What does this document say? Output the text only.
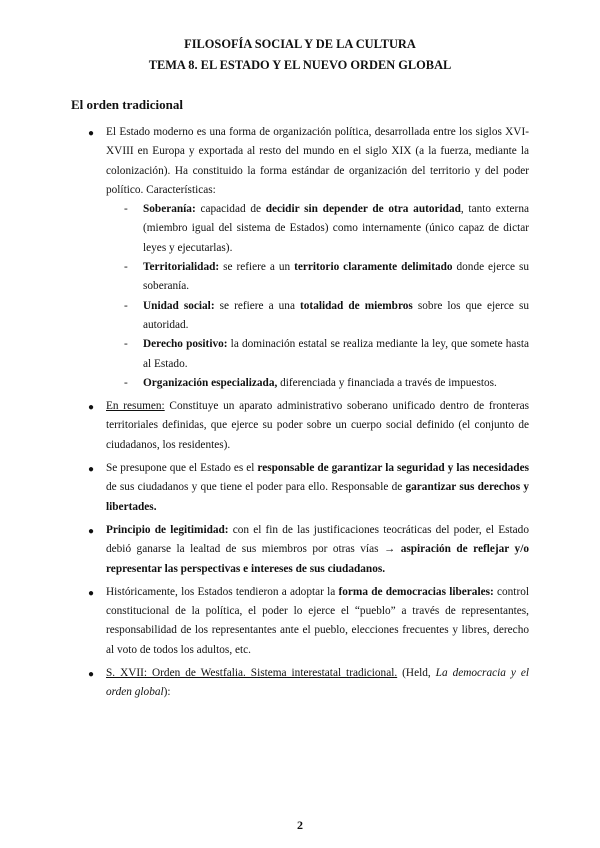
FILOSOFÍA SOCIAL Y DE LA CULTURA
TEMA 8. EL ESTADO Y EL NUEVO ORDEN GLOBAL
El orden tradicional
● El Estado moderno es una forma de organización política, desarrollada entre los siglos XVI-XVIII en Europa y exportada al resto del mundo en el siglo XIX (a la fuerza, mediante la colonización). Ha constituido la forma estándar de organización del territorio y del poder político. Características:
- Soberanía: capacidad de decidir sin depender de otra autoridad, tanto externa (miembro igual del sistema de Estados) como internamente (único capaz de dictar leyes y ejecutarlas).
- Territorialidad: se refiere a un territorio claramente delimitado donde ejerce su soberanía.
- Unidad social: se refiere a una totalidad de miembros sobre los que ejerce su autoridad.
- Derecho positivo: la dominación estatal se realiza mediante la ley, que somete hasta al Estado.
- Organización especializada, diferenciada y financiada a través de impuestos.
● En resumen: Constituye un aparato administrativo soberano unificado dentro de fronteras territoriales definidas, que ejerce su poder sobre un cuerpo social definido (el conjunto de ciudadanos, los residentes).
● Se presupone que el Estado es el responsable de garantizar la seguridad y las necesidades de sus ciudadanos y que tiene el poder para ello. Responsable de garantizar sus derechos y libertades.
● Principio de legitimidad: con el fin de las justificaciones teocráticas del poder, el Estado debió ganarse la lealtad de sus miembros por otras vías → aspiración de reflejar y/o representar las perspectivas e intereses de sus ciudadanos.
● Históricamente, los Estados tendieron a adoptar la forma de democracias liberales: control constitucional de la política, el poder lo ejerce el “pueblo” a través de representantes, responsabilidad de los representantes ante el pueblo, elecciones frecuentes y libres, derecho al voto de todos los adultos, etc.
● S. XVII: Orden de Westfalia. Sistema interestatal tradicional. (Held, La democracia y el orden global):
2
